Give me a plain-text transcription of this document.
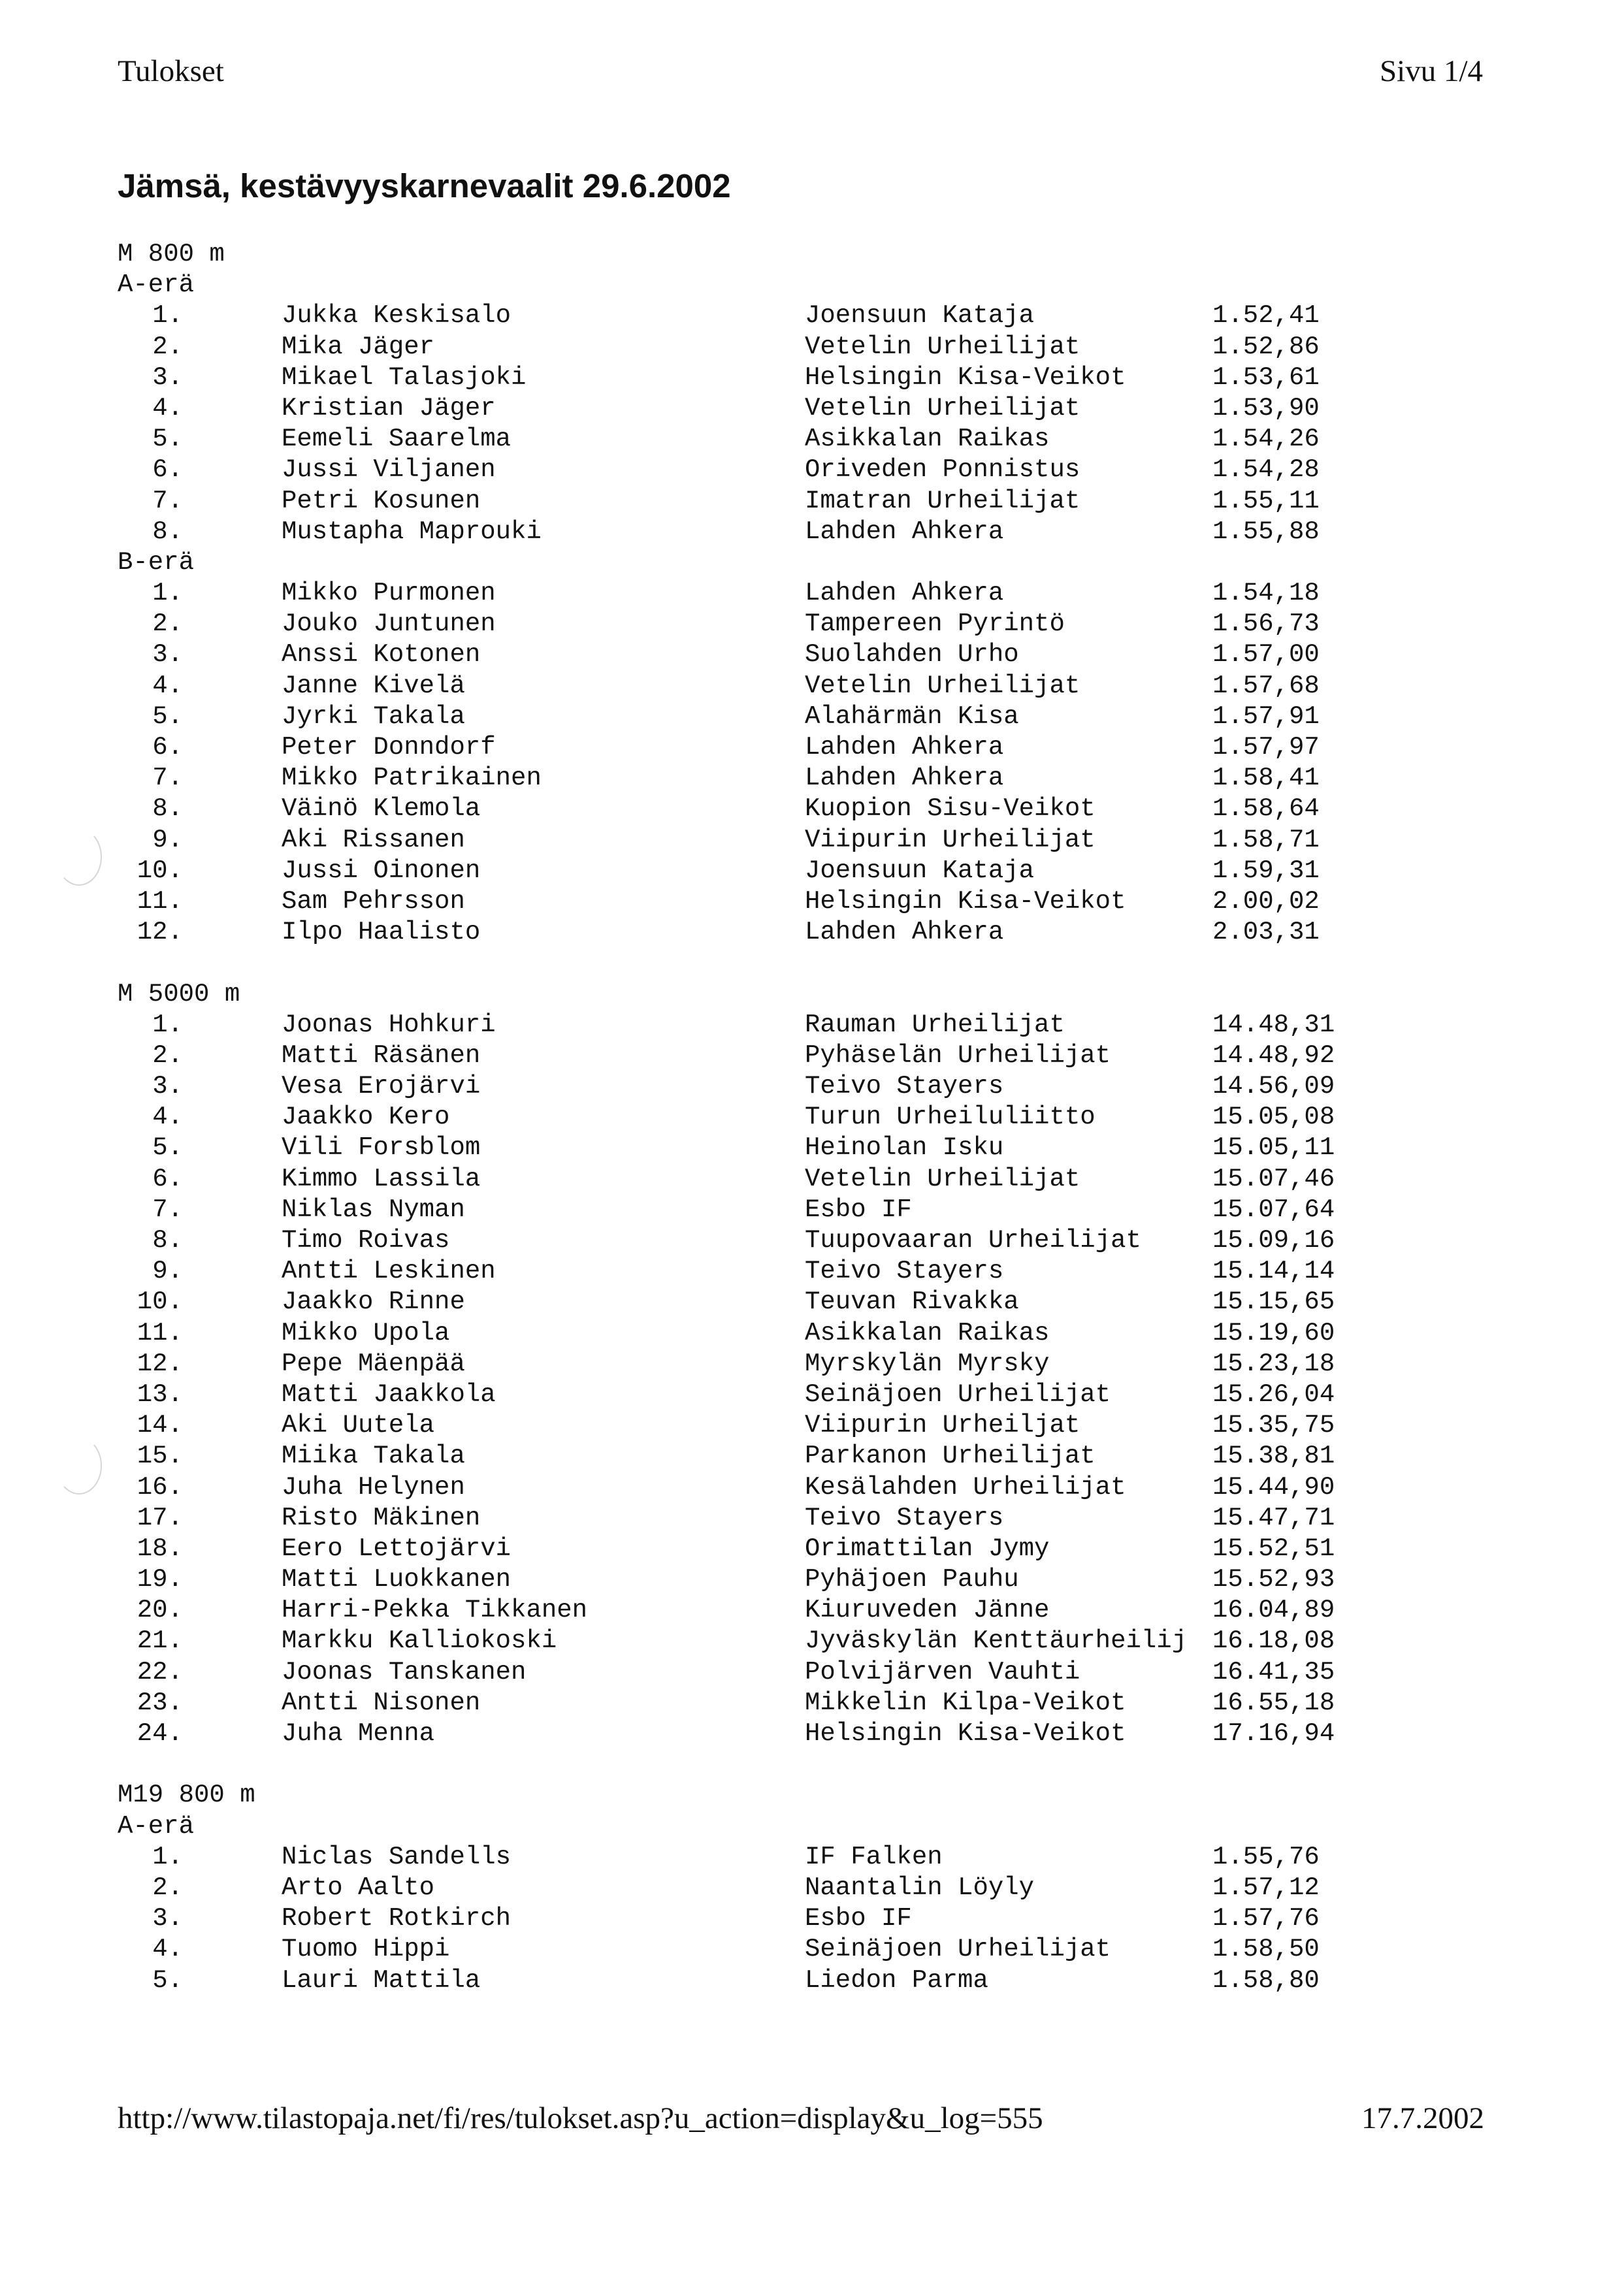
Tulokset	Sivu 1/4
Jämsä, kestävyyskarnevaalit 29.6.2002
M 800 m
A-erä
1.	Jukka Keskisalo	Joensuun Kataja	1.52,41
2.	Mika Jäger	Vetelin Urheilijat	1.52,86
3.	Mikael Talasjoki	Helsingin Kisa-Veikot	1.53,61
4.	Kristian Jäger	Vetelin Urheilijat	1.53,90
5.	Eemeli Saarelma	Asikkalan Raikas	1.54,26
6.	Jussi Viljanen	Oriveden Ponnistus	1.54,28
7.	Petri Kosunen	Imatran Urheilijat	1.55,11
8.	Mustapha Maprouki	Lahden Ahkera	1.55,88
B-erä
1.	Mikko Purmonen	Lahden Ahkera	1.54,18
2.	Jouko Juntunen	Tampereen Pyrintö	1.56,73
3.	Anssi Kotonen	Suolahden Urho	1.57,00
4.	Janne Kivelä	Vetelin Urheilijat	1.57,68
5.	Jyrki Takala	Alahärmän Kisa	1.57,91
6.	Peter Donndorf	Lahden Ahkera	1.57,97
7.	Mikko Patrikainen	Lahden Ahkera	1.58,41
8.	Väinö Klemola	Kuopion Sisu-Veikot	1.58,64
9.	Aki Rissanen	Viipurin Urheilijat	1.58,71
10.	Jussi Oinonen	Joensuun Kataja	1.59,31
11.	Sam Pehrsson	Helsingin Kisa-Veikot	2.00,02
12.	Ilpo Haalisto	Lahden Ahkera	2.03,31
M 5000 m
1.	Joonas Hohkuri	Rauman Urheilijat	14.48,31
2.	Matti Räsänen	Pyhäselän Urheilijat	14.48,92
3.	Vesa Erojärvi	Teivo Stayers	14.56,09
4.	Jaakko Kero	Turun Urheiluliitto	15.05,08
5.	Vili Forsblom	Heinolan Isku	15.05,11
6.	Kimmo Lassila	Vetelin Urheilijat	15.07,46
7.	Niklas Nyman	Esbo IF	15.07,64
8.	Timo Roivas	Tuupovaaran Urheilijat	15.09,16
9.	Antti Leskinen	Teivo Stayers	15.14,14
10.	Jaakko Rinne	Teuvan Rivakka	15.15,65
11.	Mikko Upola	Asikkalan Raikas	15.19,60
12.	Pepe Mäenpää	Myrskylän Myrsky	15.23,18
13.	Matti Jaakkola	Seinäjoen Urheilijat	15.26,04
14.	Aki Uutela	Viipurin Urheiljat	15.35,75
15.	Miika Takala	Parkanon Urheilijat	15.38,81
16.	Juha Helynen	Kesälahden Urheilijat	15.44,90
17.	Risto Mäkinen	Teivo Stayers	15.47,71
18.	Eero Lettojärvi	Orimattilan Jymy	15.52,51
19.	Matti Luokkanen	Pyhäjoen Pauhu	15.52,93
20.	Harri-Pekka Tikkanen	Kiuruveden Jänne	16.04,89
21.	Markku Kalliokoski	Jyväskylän Kenttäurheilij 16.18,08
22.	Joonas Tanskanen	Polvijärven Vauhti	16.41,35
23.	Antti Nisonen	Mikkelin Kilpa-Veikot	16.55,18
24.	Juha Menna	Helsingin Kisa-Veikot	17.16,94
M19 800 m
A-erä
1.	Niclas Sandells	IF Falken	1.55,76
2.	Arto Aalto	Naantalin Löyly	1.57,12
3.	Robert Rotkirch	Esbo IF	1.57,76
4.	Tuomo Hippi	Seinäjoen Urheilijat	1.58,50
5.	Lauri Mattila	Liedon Parma	1.58,80
http://www.tilastopaja.net/fi/res/tulokset.asp?u_action=display&u_log=555	17.7.2002
